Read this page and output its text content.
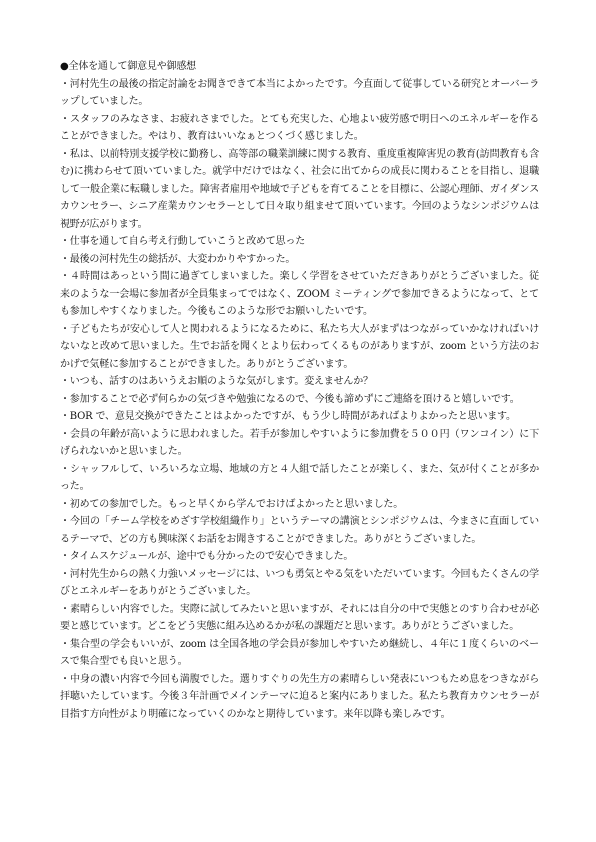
●全体を通して御意見や御感想

・河村先生の最後の指定討論をお聞きできて本当によかったです。今直面して従事している研究とオーバーラップしていました。

・スタッフのみなさま、お疲れさまでした。とても充実した、心地よい疲労感で明日へのエネルギーを作ることができました。やはり、教育はいいなぁとつくづく感じました。

・私は、以前特別支援学校に勤務し、高等部の職業訓練に関する教育、重度重複障害児の教育(訪問教育も含む)に携わらせて頂いていました。就学中だけではなく、社会に出てからの成長に関わることを目指し、退職して一般企業に転職しました。障害者雇用や地域で子どもを育てることを目標に、公認心理師、ガイダンスカウンセラー、シニア産業カウンセラーとして日々取り組ませて頂いています。今回のようなシンポジウムは視野が広がります。

・仕事を通して自ら考え行動していこうと改めて思った

・最後の河村先生の総括が、大変わかりやすかった。

・４時間はあっという間に過ぎてしまいました。楽しく学習をさせていただきありがとうございました。従来のような一会場に参加者が全員集まってではなく、ZOOM ミーティングで参加できるようになって、とても参加しやすくなりました。今後もこのような形でお願いしたいです。

・子どもたちが安心して人と関われるようになるために、私たち大人がまずはつながっていかなければいけないなと改めて思いました。生でお話を聞くとより伝わってくるものがありますが、zoom という方法のおかげで気軽に参加することができました。ありがとうございます。

・いつも、話すのはあいうえお順のような気がします。変えませんか？

・参加することで必ず何らかの気づきや勉強になるので、今後も諦めずにご連絡を頂けると嬉しいです。

・BOR で、意見交換ができたことはよかったですが、もう少し時間があればよりよかったと思います。

・会員の年齢が高いように思われました。若手が参加しやすいように参加費を５００円（ワンコイン）に下げられないかと思いました。

・シャッフルして、いろいろな立場、地域の方と４人組で話したことが楽しく、また、気が付くことが多かった。

・初めての参加でした。もっと早くから学んでおけばよかったと思いました。

・今回の「チーム学校をめざす学校組織作り」というテーマの講演とシンポジウムは、今まさに直面しているテーマで、どの方も興味深くお話をお聞きすることができました。ありがとうございました。

・タイムスケジュールが、途中でも分かったので安心できました。

・河村先生からの熱く力強いメッセージには、いつも勇気とやる気をいただいています。今回もたくさんの学びとエネルギーをありがとうございました。

・素晴らしい内容でした。実際に試してみたいと思いますが、それには自分の中で実態とのすり合わせが必要と感じています。どこをどう実態に組み込めるかが私の課題だと思います。ありがとうございました。

・集合型の学会もいいが、zoom は全国各地の学会員が参加しやすいため継続し、４年に１度くらいのベースで集合型でも良いと思う。

・中身の濃い内容で今回も満腹でした。選りすぐりの先生方の素晴らしい発表にいつもため息をつきながら拝聴いたしています。今後３年計画でメインテーマに迫ると案内にありました。私たち教育カウンセラーが目指す方向性がより明確になっていくのかなと期待しています。来年以降も楽しみです。
